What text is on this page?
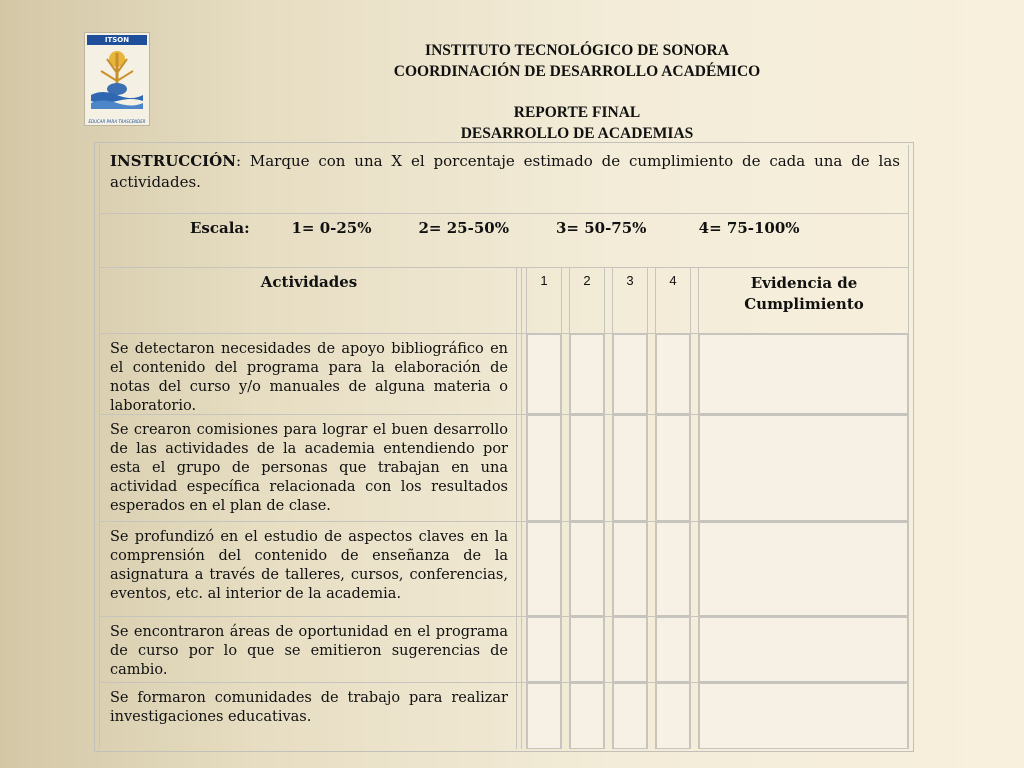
ITSON
EDUCAR PARA TRASCENDER
INSTITUTO TECNOLÓGICO DE SONORA
COORDINACIÓN DE DESARROLLO ACADÉMICO
REPORTE FINAL
DESARROLLO DE ACADEMIAS
INSTRUCCIÓN: Marque con una X el porcentaje estimado de cumplimiento de cada una de las actividades.
Escala:	1= 0-25%	2= 25-50%	3= 50-75%	4= 75-100%
Actividades	1	2	3	4	Evidencia de Cumplimiento
Se detectaron necesidades de apoyo bibliográfico en el contenido del programa para la elaboración de notas del curso y/o manuales de alguna materia o laboratorio.
Se crearon comisiones para lograr el buen desarrollo de las actividades de la academia entendiendo por esta el grupo de personas que trabajan en una actividad específica relacionada con los resultados esperados en el plan de clase.
Se profundizó en el estudio de aspectos claves en la comprensión del contenido de enseñanza de la asignatura a través de talleres, cursos, conferencias, eventos, etc. al interior de la academia.
Se encontraron áreas de oportunidad en el programa de curso por lo que se emitieron sugerencias de cambio.
Se formaron comunidades de trabajo para realizar investigaciones educativas.
